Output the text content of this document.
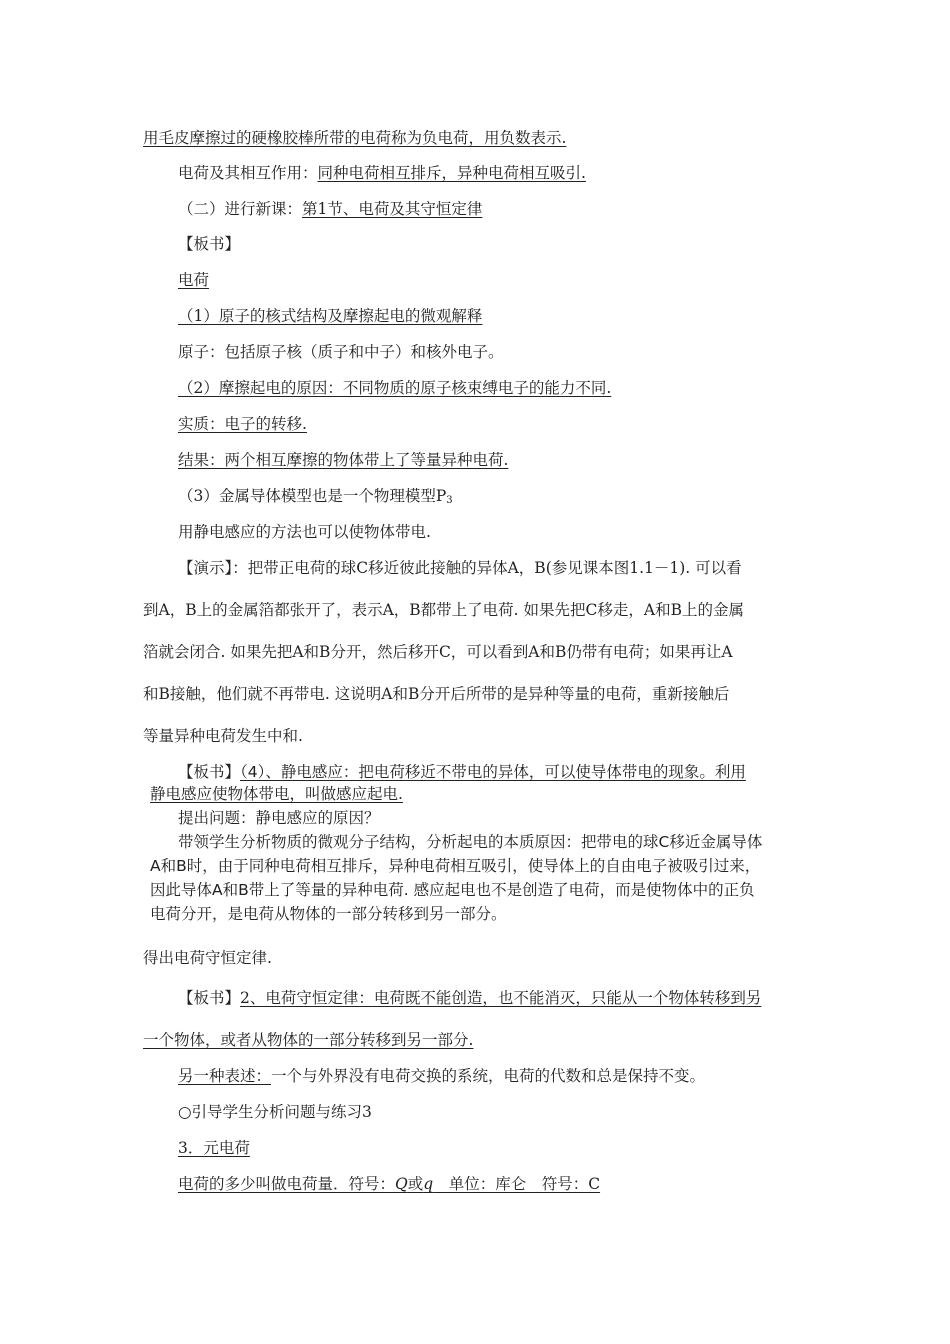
用毛皮摩擦过的硬橡胶棒所带的电荷称为负电荷，用负数表示.
电荷及其相互作用：同种电荷相互排斥，异种电荷相互吸引.
（二）进行新课：第1节、电荷及其守恒定律
【板书】
电荷
（1）原子的核式结构及摩擦起电的微观解释
原子：包括原子核（质子和中子）和核外电子。
（2）摩擦起电的原因：不同物质的原子核束缚电子的能力不同.
实质：电子的转移.
结果：两个相互摩擦的物体带上了等量异种电荷.
（3）金属导体模型也是一个物理模型$P_3$
用静电感应的方法也可以使物体带电.
【演示】：把带正电荷的球C移近彼此接触的异体A，B(参见课本图1.1－1). 可以看
到A，B上的金属箔都张开了，表示A，B都带上了电荷. 如果先把C移走，A和B上的金属
箔就会闭合. 如果先把A和B分开，然后移开C，可以看到A和B仍带有电荷；如果再让A
和B接触，他们就不再带电. 这说明A和B分开后所带的是异种等量的电荷，重新接触后
等量异种电荷发生中和.
【板书】（4）、静电感应：把电荷移近不带电的异体，可以使导体带电的现象。利用
静电感应使物体带电，叫做感应起电.
提出问题：静电感应的原因？
带领学生分析物质的微观分子结构，分析起电的本质原因：把带电的球C移近金属导体
A和B时，由于同种电荷相互排斥，异种电荷相互吸引，使导体上的自由电子被吸引过来，
因此导体A和B带上了等量的异种电荷. 感应起电也不是创造了电荷，而是使物体中的正负
电荷分开，是电荷从物体的一部分转移到另一部分。
得出电荷守恒定律.
【板书】2、电荷守恒定律：电荷既不能创造，也不能消灭，只能从一个物体转移到另
一个物体，或者从物体的一部分转移到另一部分.
另一种表述：一个与外界没有电荷交换的系统，电荷的代数和总是保持不变。
○引导学生分析问题与练习3
3．元电荷
电荷的多少叫做电荷量．符号：Q或q　单位：库仑　符号：C
